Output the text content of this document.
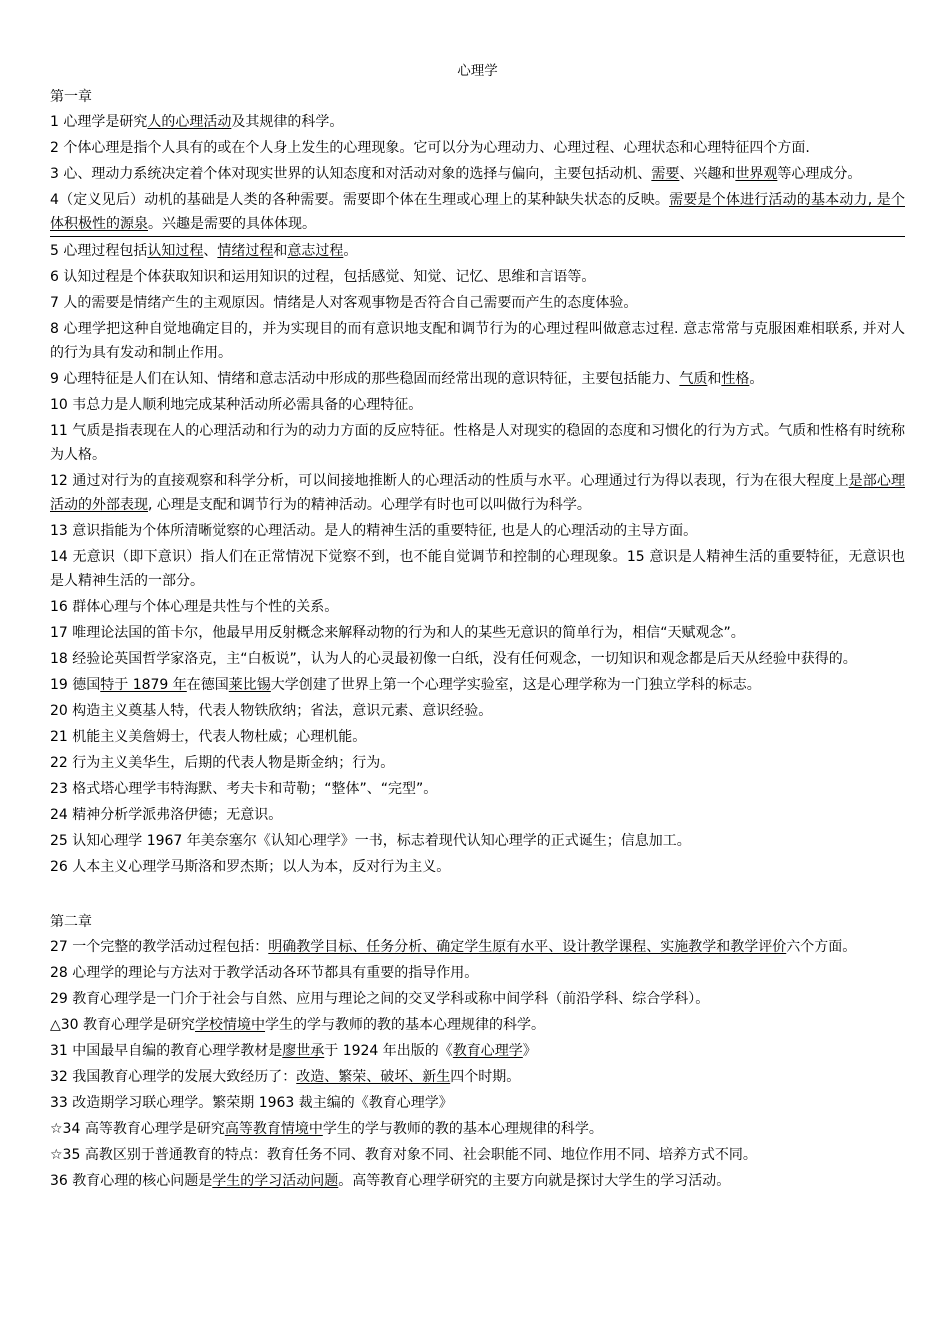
心理学
第一章
1 心理学是研究人的心理活动及其规律的科学。
2 个体心理是指个人具有的或在个人身上发生的心理现象。它可以分为心理动力、心理过程、心理状态和心理特征四个方面.
3 心、理动力系统决定着个体对现实世界的认知态度和对活动对象的选择与偏向，主要包括动机、需要、兴趣和世界观等心理成分。
4（定义见后）动机的基础是人类的各种需要。需要即个体在生理或心理上的某种缺失状态的反映。需要是个体进行活动的基本动力, 是个体积极性的源泉。兴趣是需要的具体体现。
5 心理过程包括认知过程、情绪过程和意志过程。
6 认知过程是个体获取知识和运用知识的过程，包括感觉、知觉、记忆、思维和言语等。
7 人的需要是情绪产生的主观原因。情绪是人对客观事物是否符合自己需要而产生的态度体验。
8 心理学把这种自觉地确定目的，并为实现目的而有意识地支配和调节行为的心理过程叫做意志过程. 意志常常与克服困难相联系, 并对人的行为具有发动和制止作用。
9 心理特征是人们在认知、情绪和意志活动中形成的那些稳固而经常出现的意识特征，主要包括能力、气质和性格。
10 韦总力是人顺利地完成某种活动所必需具备的心理特征。
11 气质是指表现在人的心理活动和行为的动力方面的反应特征。性格是人对现实的稳固的态度和习惯化的行为方式。气质和性格有时统称为人格。
12 通过对行为的直接观察和科学分析，可以间接地推断人的心理活动的性质与水平。心理通过行为得以表现，行为在很大程度上是部心理活动的外部表现, 心理是支配和调节行为的精神活动。心理学有时也可以叫做行为科学。
13 意识指能为个体所清晰觉察的心理活动。是人的精神生活的重要特征, 也是人的心理活动的主导方面。
14 无意识（即下意识）指人们在正常情况下觉察不到，也不能自觉调节和控制的心理现象。15 意识是人精神生活的重要特征，无意识也是人精神生活的一部分。
16 群体心理与个体心理是共性与个性的关系。
17 唯理论法国的笛卡尔，他最早用反射概念来解释动物的行为和人的某些无意识的简单行为，相信“天赋观念”。
18 经验论英国哲学家洛克，主“白板说”，认为人的心灵最初像一白纸，没有任何观念，一切知识和观念都是后天从经验中获得的。
19 德国特于 1879 年在德国莱比锡大学创建了世界上第一个心理学实验室，这是心理学称为一门独立学科的标志。
20 构造主义奠基人特，代表人物铁欣纳；省法，意识元素、意识经验。
21 机能主义美詹姆士，代表人物杜威；心理机能。
22 行为主义美华生，后期的代表人物是斯金纳；行为。
23 格式塔心理学韦特海默、考夫卡和苛勒；“整体”、“完型”。
24 精神分析学派弗洛伊德；无意识。
25 认知心理学 1967 年美奈塞尔《认知心理学》一书，标志着现代认知心理学的正式诞生；信息加工。
26 人本主义心理学马斯洛和罗杰斯；以人为本，反对行为主义。
第二章
27 一个完整的教学活动过程包括：明确教学目标、任务分析、确定学生原有水平、设计教学课程、实施教学和教学评价六个方面。
28 心理学的理论与方法对于教学活动各环节都具有重要的指导作用。
29 教育心理学是一门介于社会与自然、应用与理论之间的交叉学科或称中间学科（前沿学科、综合学科）。
△30 教育心理学是研究学校情境中学生的学与教师的教的基本心理规律的科学。
31 中国最早自编的教育心理学教材是廖世承于 1924 年出版的《教育心理学》
32 我国教育心理学的发展大致经历了：改造、繁荣、破坏、新生四个时期。
33 改造期学习联心理学。繁荣期 1963 裁主编的《教育心理学》
☆34 高等教育心理学是研究高等教育情境中学生的学与教师的教的基本心理规律的科学。
☆35 高教区别于普通教育的特点：教育任务不同、教育对象不同、社会职能不同、地位作用不同、培养方式不同。
36 教育心理的核心问题是学生的学习活动问题。高等教育心理学研究的主要方向就是探讨大学生的学习活动。
